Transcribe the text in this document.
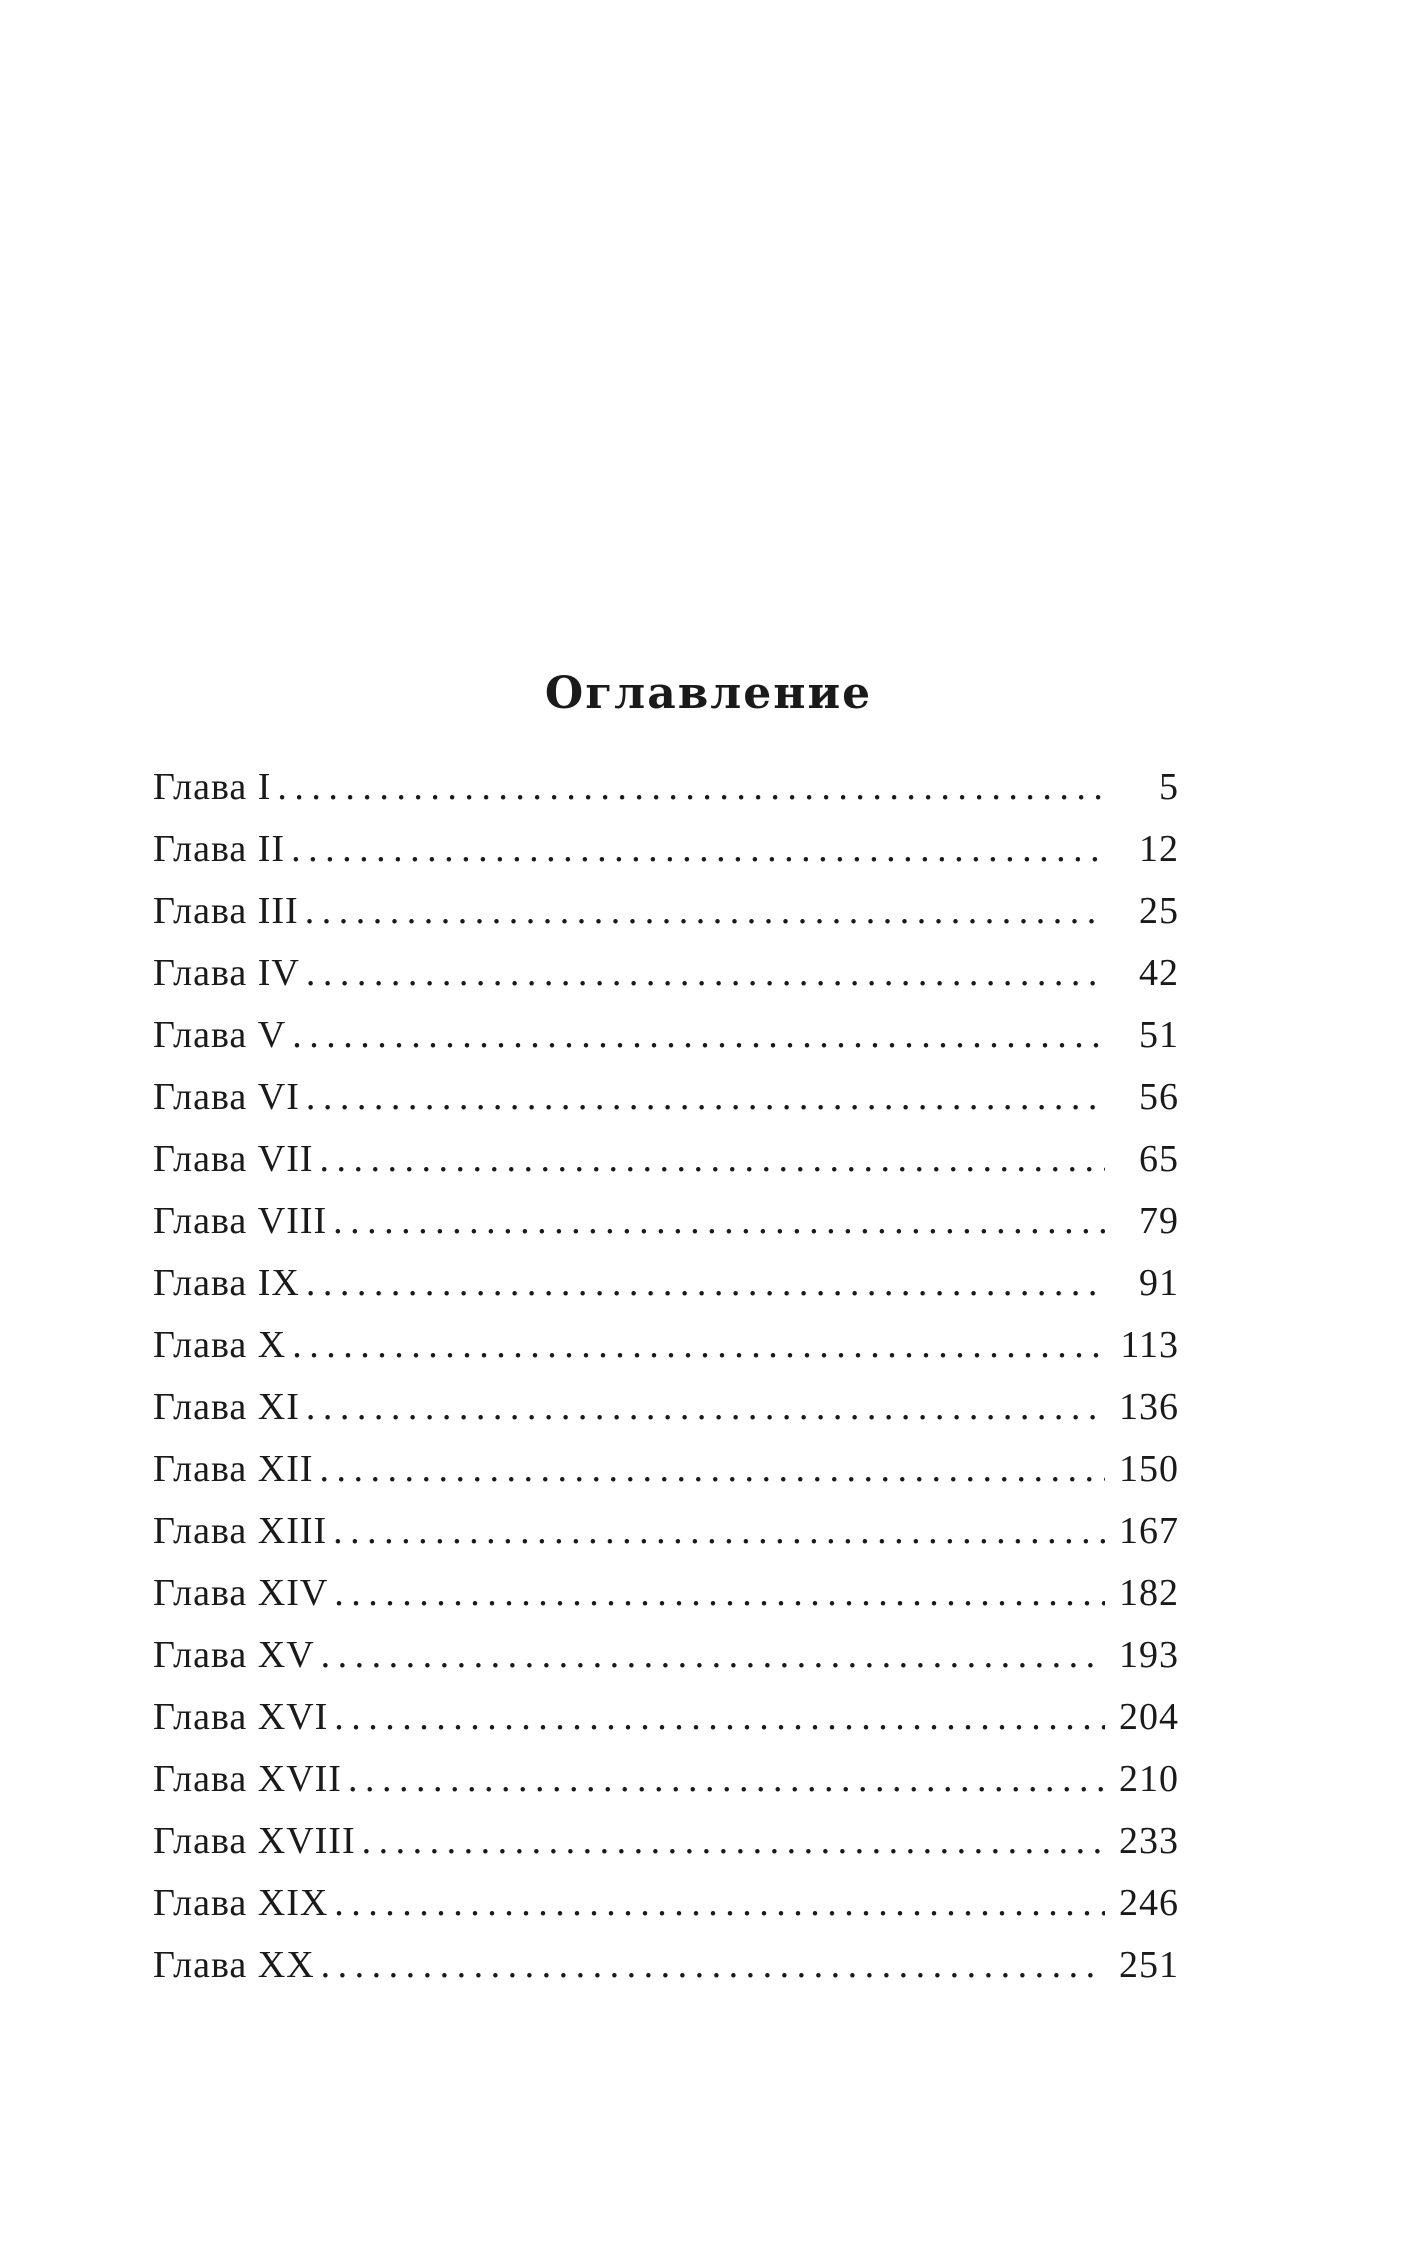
Оглавление
Глава I . . .	5
Глава II . . .	12
Глава III . . .	25
Глава IV . . .	42
Глава V . . .	51
Глава VI . . .	56
Глава VII . . .	65
Глава VIII . . .	79
Глава IX . . .	91
Глава X . . .	113
Глава XI . . .	136
Глава XII . . .	150
Глава XIII . . .	167
Глава XIV . . .	182
Глава XV . . .	193
Глава XVI . . .	204
Глава XVII . . .	210
Глава XVIII . . .	233
Глава XIX . . .	246
Глава XX . . .	251
